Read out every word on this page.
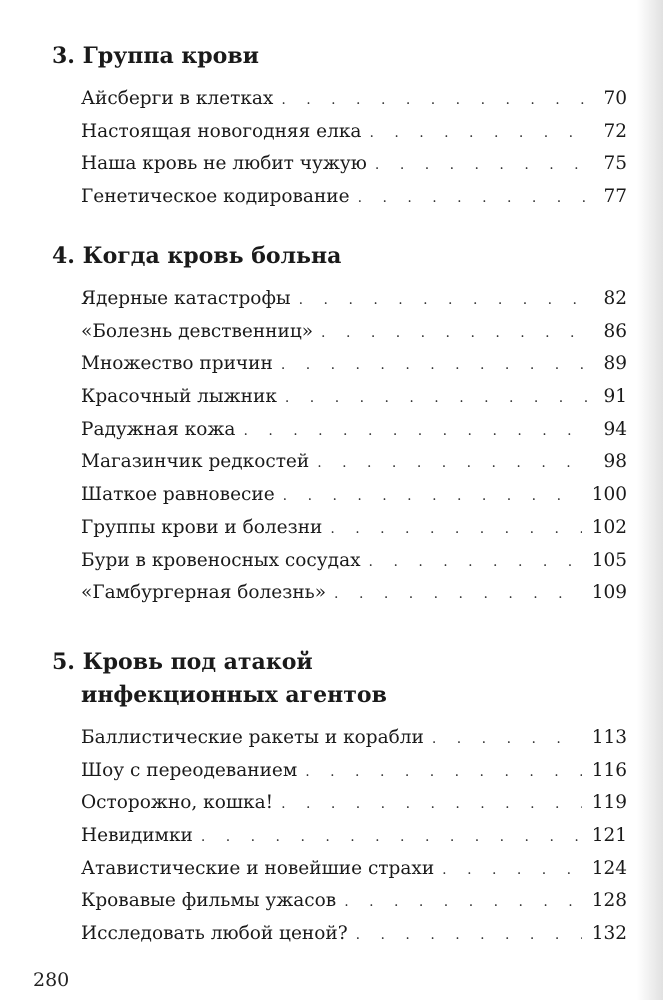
3. Группа крови
Айсберги в клетках . . .	70
Настоящая новогодняя елка . . .	72
Наша кровь не любит чужую . . .	75
Генетическое кодирование . . .	77
4. Когда кровь больна
Ядерные катастрофы . . .	82
«Болезнь девственниц» . . .	86
Множество причин . . .	89
Красочный лыжник . . .	91
Радужная кожа . . .	94
Магазинчик редкостей . . .	98
Шаткое равновесие . . .	100
Группы крови и болезни . . .	102
Бури в кровеносных сосудах . . .	105
«Гамбургерная болезнь» . . .	109
5. Кровь под атакой
инфекционных агентов
Баллистические ракеты и корабли . . .	113
Шоу с переодеванием . . .	116
Осторожно, кошка! . . .	119
Невидимки . . .	121
Атавистические и новейшие страхи . . .	124
Кровавые фильмы ужасов . . .	128
Исследовать любой ценой? . . .	132
280
